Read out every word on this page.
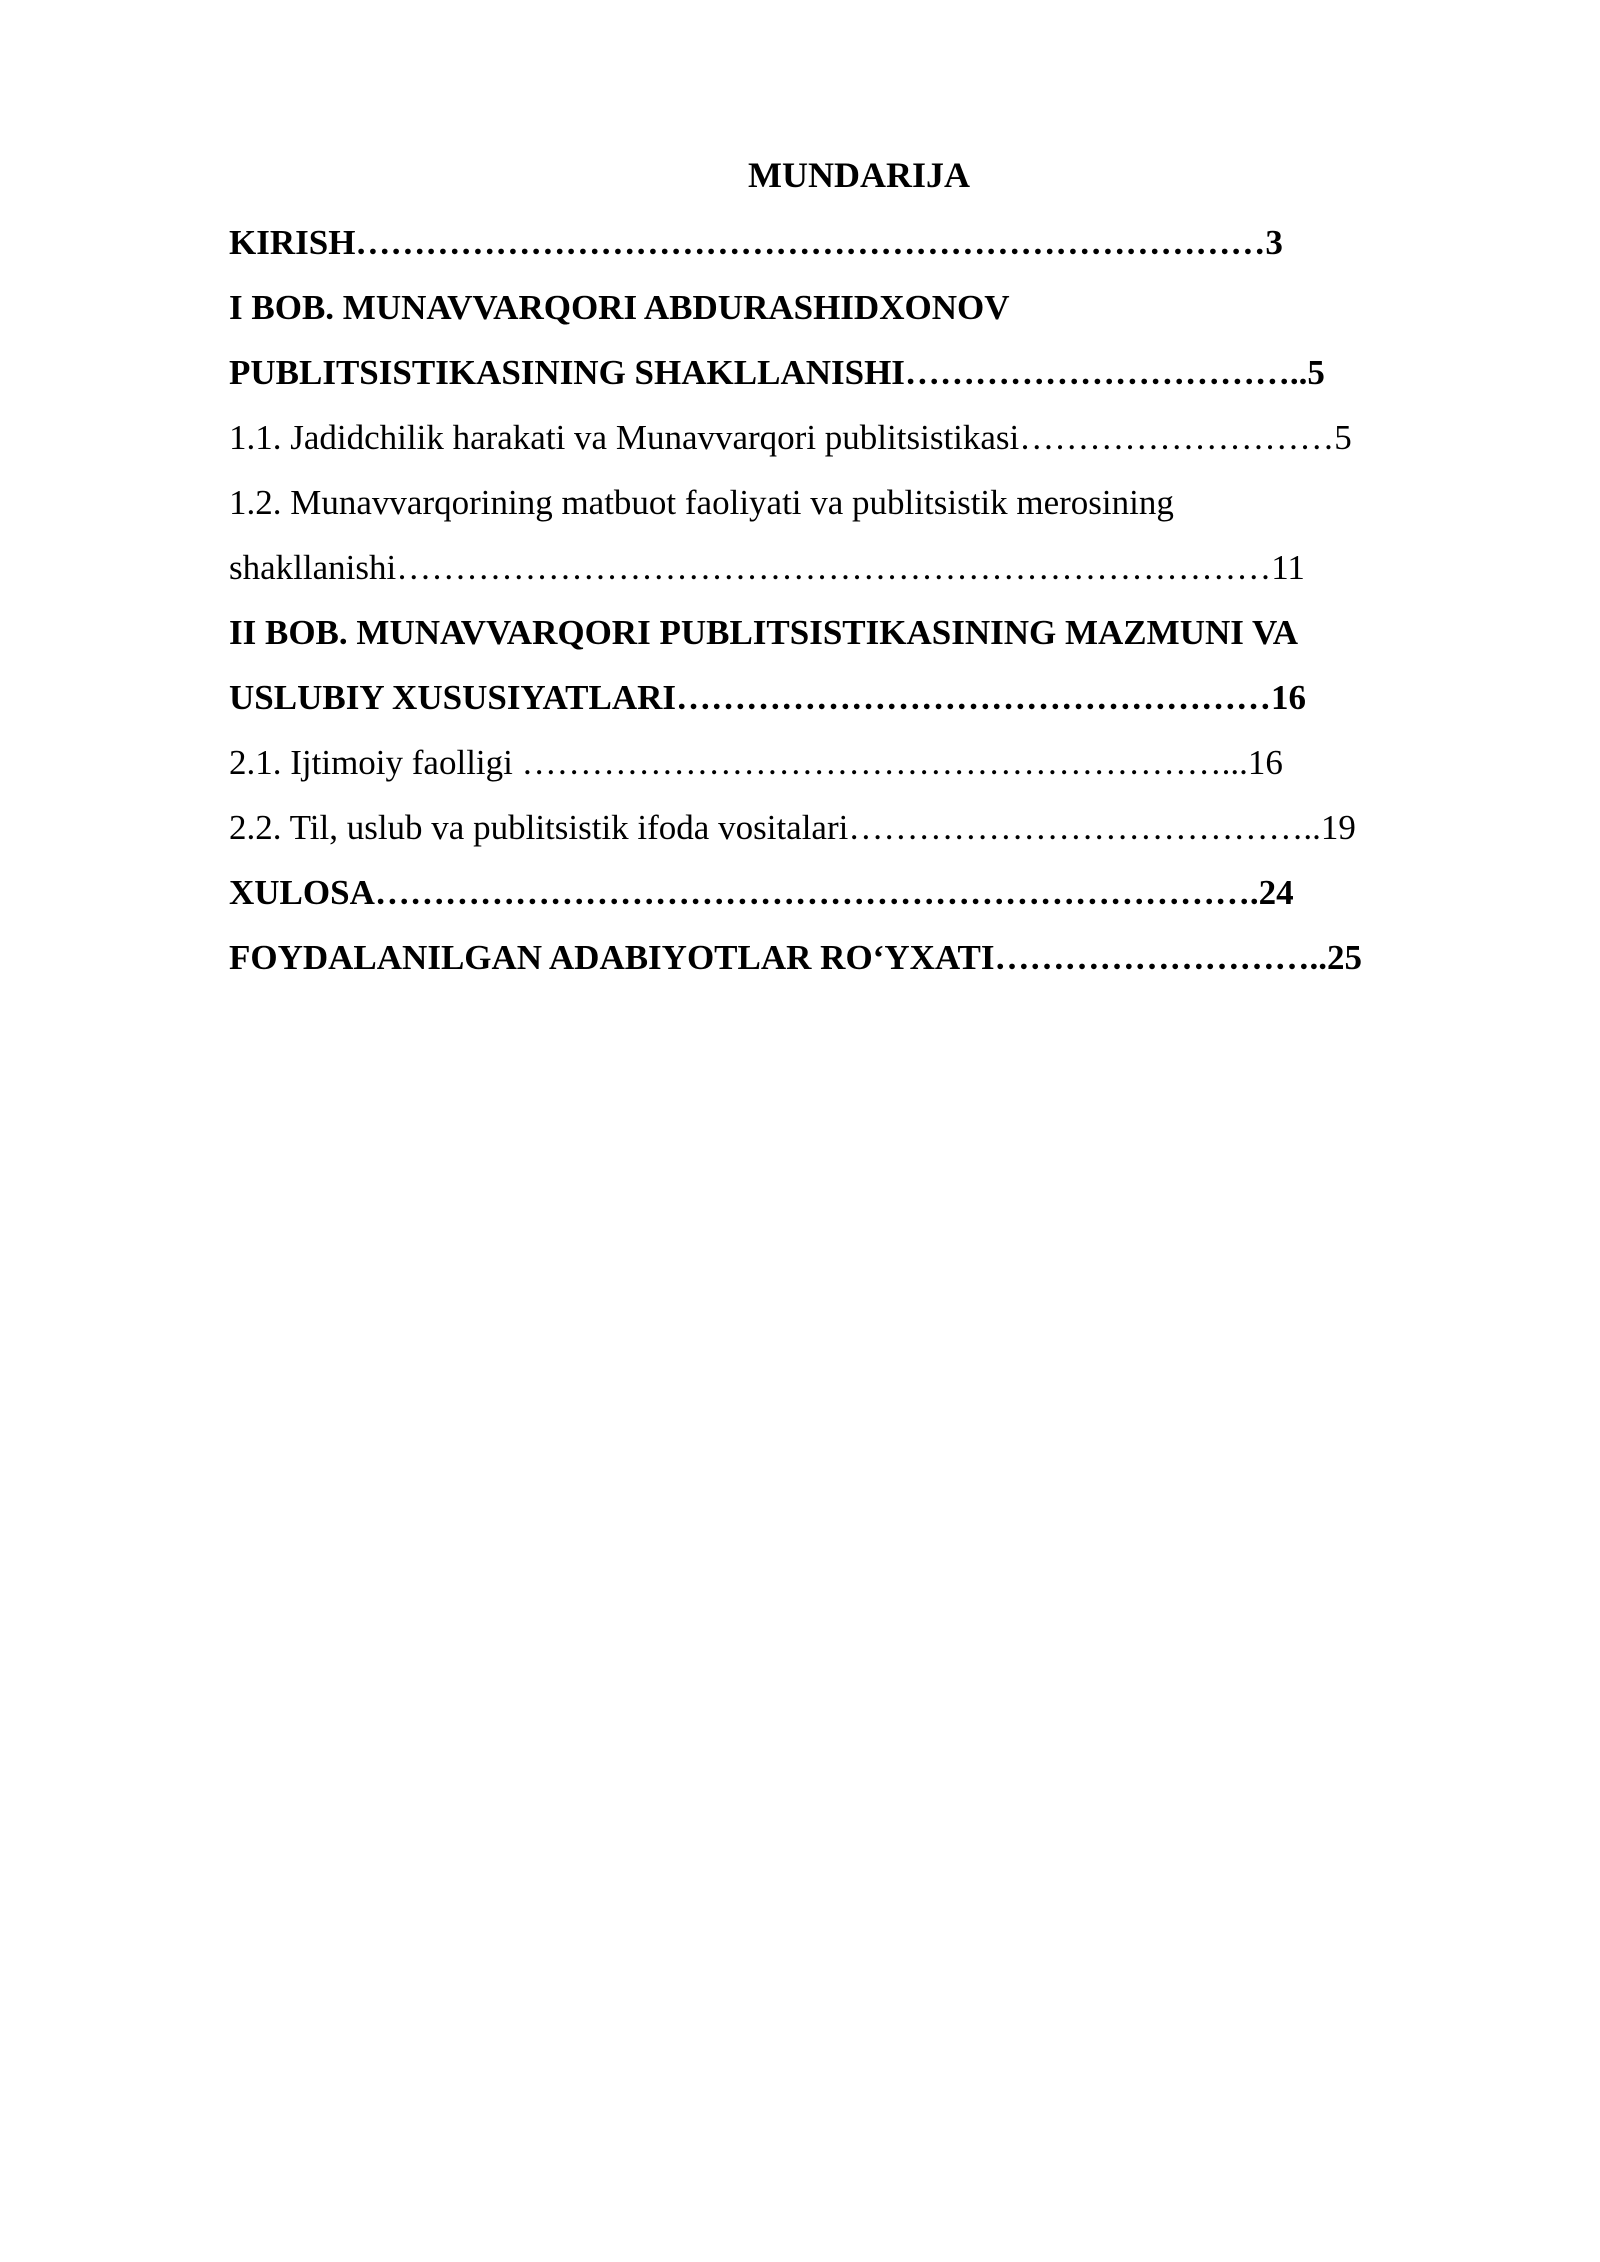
MUNDARIJA
KIRISH……………………………………………………………………3
I BOB. MUNAVVARQORI ABDURASHIDXONOV
PUBLITSISTIKASINING SHAKLLANISHI……………………………..5
1.1. Jadidchilik harakati va Munavvarqori publitsistikasi………………………5
1.2. Munavvarqorining matbuot faoliyati va publitsistik merosining
shakllanishi…………………………………………………………………11
II BOB. MUNAVVARQORI PUBLITSISTIKASINING MAZMUNI VA
USLUBIY XUSUSIYATLARI……………………………………………16
2.1. Ijtimoiy faolligi ……………………………………………………...16
2.2. Til, uslub va publitsistik ifoda vositalari…………………………………..19
XULOSA………………………………………………………………….24
FOYDALANILGAN ADABIYOTLAR RO‘YXATI………………………..25
